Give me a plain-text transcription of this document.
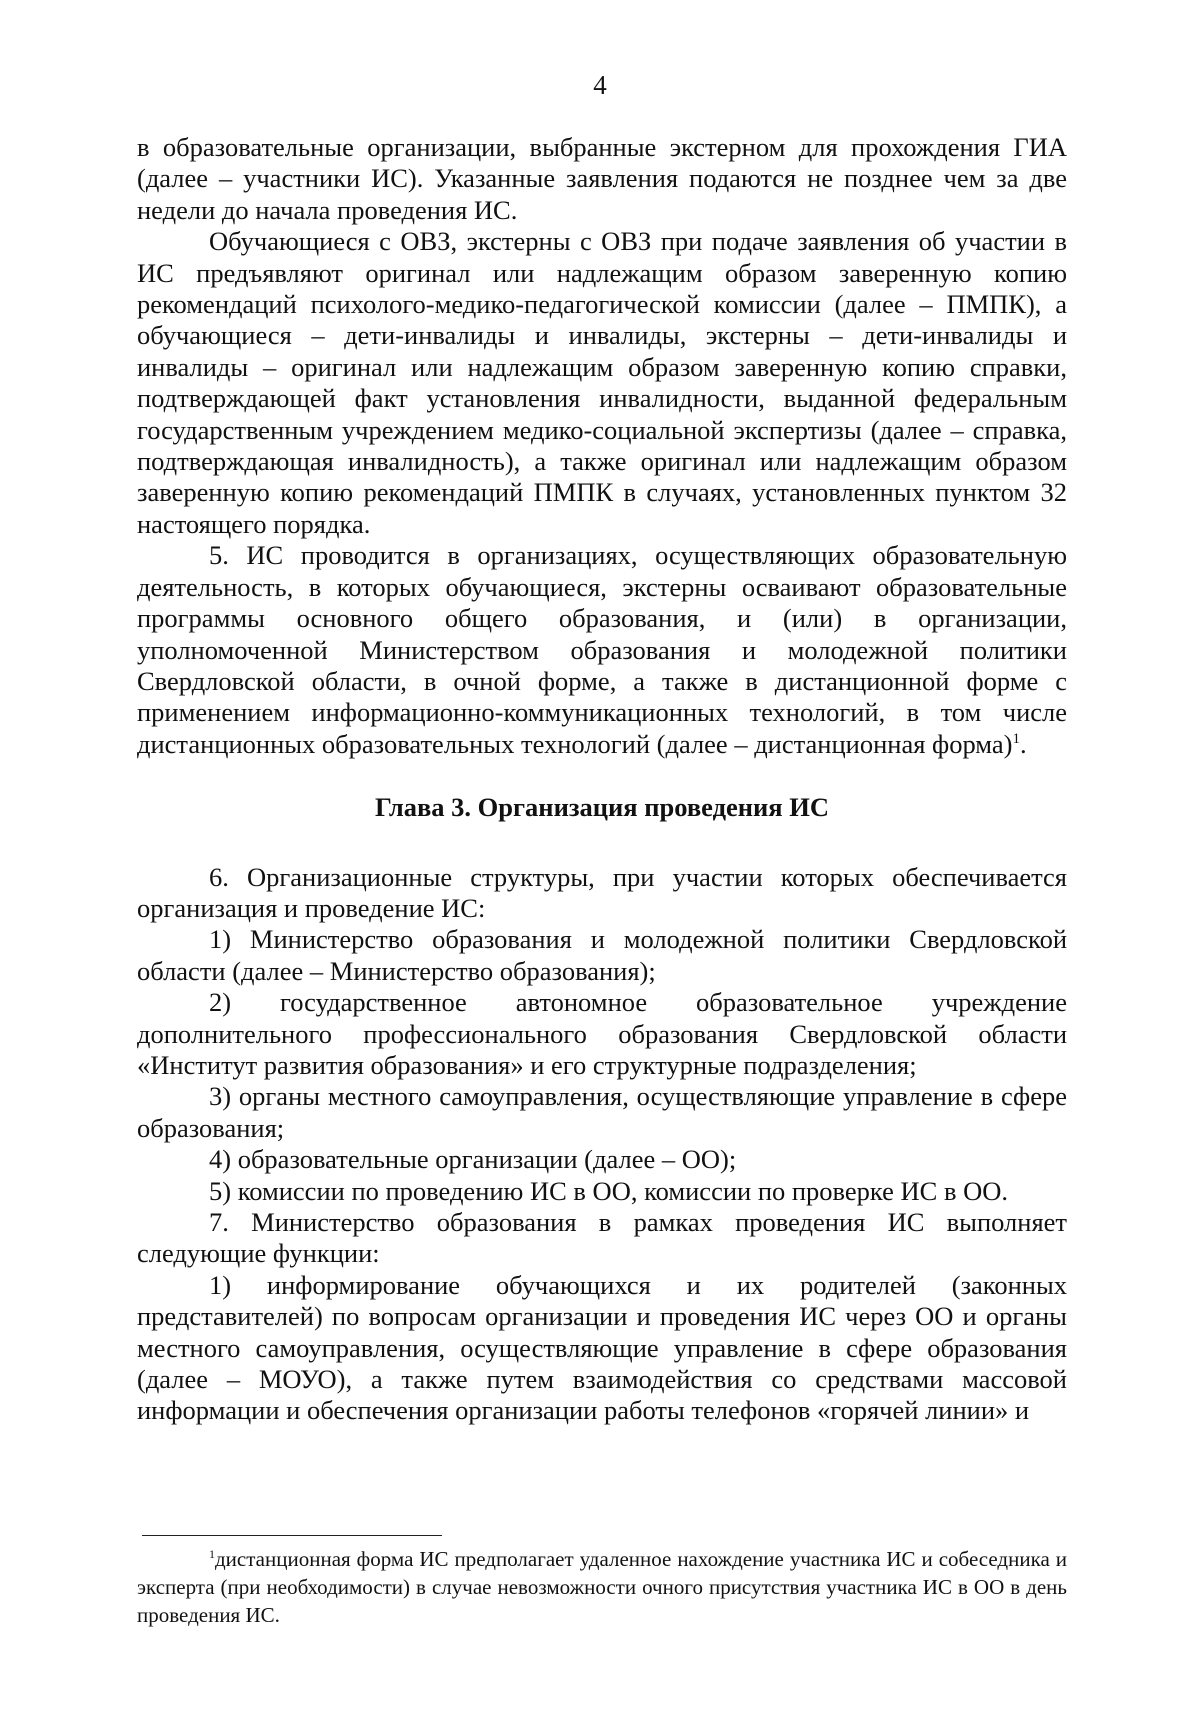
4

в образовательные организации, выбранные экстерном для прохождения ГИА (далее – участники ИС). Указанные заявления подаются не позднее чем за две недели до начала проведения ИС.

Обучающиеся с ОВЗ, экстерны с ОВЗ при подаче заявления об участии в ИС предъявляют оригинал или надлежащим образом заверенную копию рекомендаций психолого-медико-педагогической комиссии (далее – ПМПК), а обучающиеся – дети-инвалиды и инвалиды, экстерны – дети-инвалиды и инвалиды – оригинал или надлежащим образом заверенную копию справки, подтверждающей факт установления инвалидности, выданной федеральным государственным учреждением медико-социальной экспертизы (далее – справка, подтверждающая инвалидность), а также оригинал или надлежащим образом заверенную копию рекомендаций ПМПК в случаях, установленных пунктом 32 настоящего порядка.

5. ИС проводится в организациях, осуществляющих образовательную деятельность, в которых обучающиеся, экстерны осваивают образовательные программы основного общего образования, и (или) в организации, уполномоченной Министерством образования и молодежной политики Свердловской области, в очной форме, а также в дистанционной форме с применением информационно-коммуникационных технологий, в том числе дистанционных образовательных технологий (далее – дистанционная форма)$^1$.

Глава 3. Организация проведения ИС

6. Организационные структуры, при участии которых обеспечивается организация и проведение ИС:

1) Министерство образования и молодежной политики Свердловской области (далее – Министерство образования);

2) государственное автономное образовательное учреждение дополнительного профессионального образования Свердловской области «Институт развития образования» и его структурные подразделения;

3) органы местного самоуправления, осуществляющие управление в сфере образования;

4) образовательные организации (далее – ОО);

5) комиссии по проведению ИС в ОО, комиссии по проверке ИС в ОО.

7. Министерство образования в рамках проведения ИС выполняет следующие функции:

1) информирование обучающихся и их родителей (законных представителей) по вопросам организации и проведения ИС через ОО и органы местного самоуправления, осуществляющие управление в сфере образования (далее – МОУО), а также путем взаимодействия со средствами массовой информации и обеспечения организации работы телефонов «горячей линии» и

$^1$дистанционная форма ИС предполагает удаленное нахождение участника ИС и собеседника и эксперта (при необходимости) в случае невозможности очного присутствия участника ИС в ОО в день проведения ИС.
